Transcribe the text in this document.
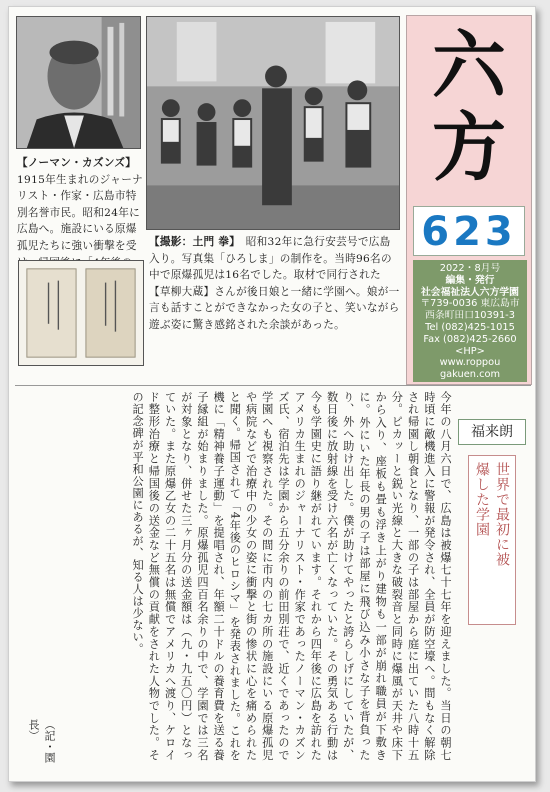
【ノーマン・カズンズ】1915年生まれのジャーナリスト・作家・広島市特別名誉市民。昭和24年に広島へ。施設にいる原爆孤児たちに強い衝撃を受	【撮影：土門 拳】　 昭和32年に急行安芸号で広島入り。写真集「ひろしま」の制作を。当時96名の中で原爆孤児は16名でした。取材で同行された【草柳大蔵】さんが後日娘と一緒に学園へ。娘が一言も話すことができなかった女の子と、笑いながら遊ぶ姿に驚き感銘された余談があった。
六
方
623
2022・8月号
編集・発行
社会福祉法人六方学園
〒739-0036 東広島市
西条町田口10391-3
Tel (082)425-1015
Fax (082)425-2660
<HP>
www.roppou
gakuen.com
福来朗
世界で最初に被
爆した学園

今年の八月六日で、広島は被爆七十七年を迎えました。当日の朝七時頃に敵機進入に警報が発令され、全員が防空壕へ。間もなく解除され帰園し朝食となり、一部の子は部屋から庭に出ていた八時十五分。ピカッーと鋭い光線と大きな破裂音と同時に爆風が天井や床下から入り、座板も畳も浮き上がり建物も一部が崩れ職員が下敷きに。外にいた年長の男の子は部屋に飛び込み小さな子を背負ったり、外へ助け出した。僕が助けてやったと誇らしげにしていたが、数日後に放射線を受け六名が亡くなっていた。その勇気ある行動は今も学園史に語り継がれています。それから四年後に広島を訪れたアメリカ生まれのジャーナリスト・作家であったノーマン・カズンズ氏、宿泊先は学園から五分余りの前田別荘で、近くであったので学園へも視察された。その間に市内の七カ所の施設にいる原爆孤児や病院などで治療中の少女の姿に衝撃と街の惨状に心を痛められたと聞く。帰国されて「4年後のヒロシマ」を発表されました。これを機に「精神養子運動」を提唱され、年額二十ドルの養育費を送る養子縁組が始まりました。原爆孤児四百名余りの中で、学園では三名が対象となり、併せた三ヶ月分の送金額は（九・九五〇円）となっていた。また原爆乙女の二十五名は無償でアメリカへ渡り、ケロイド整形治療と帰国後の送金など無償の貢献をされた人物でした。その記念碑が平和公園にあるが、知る人は少ない。

（記・園長）
